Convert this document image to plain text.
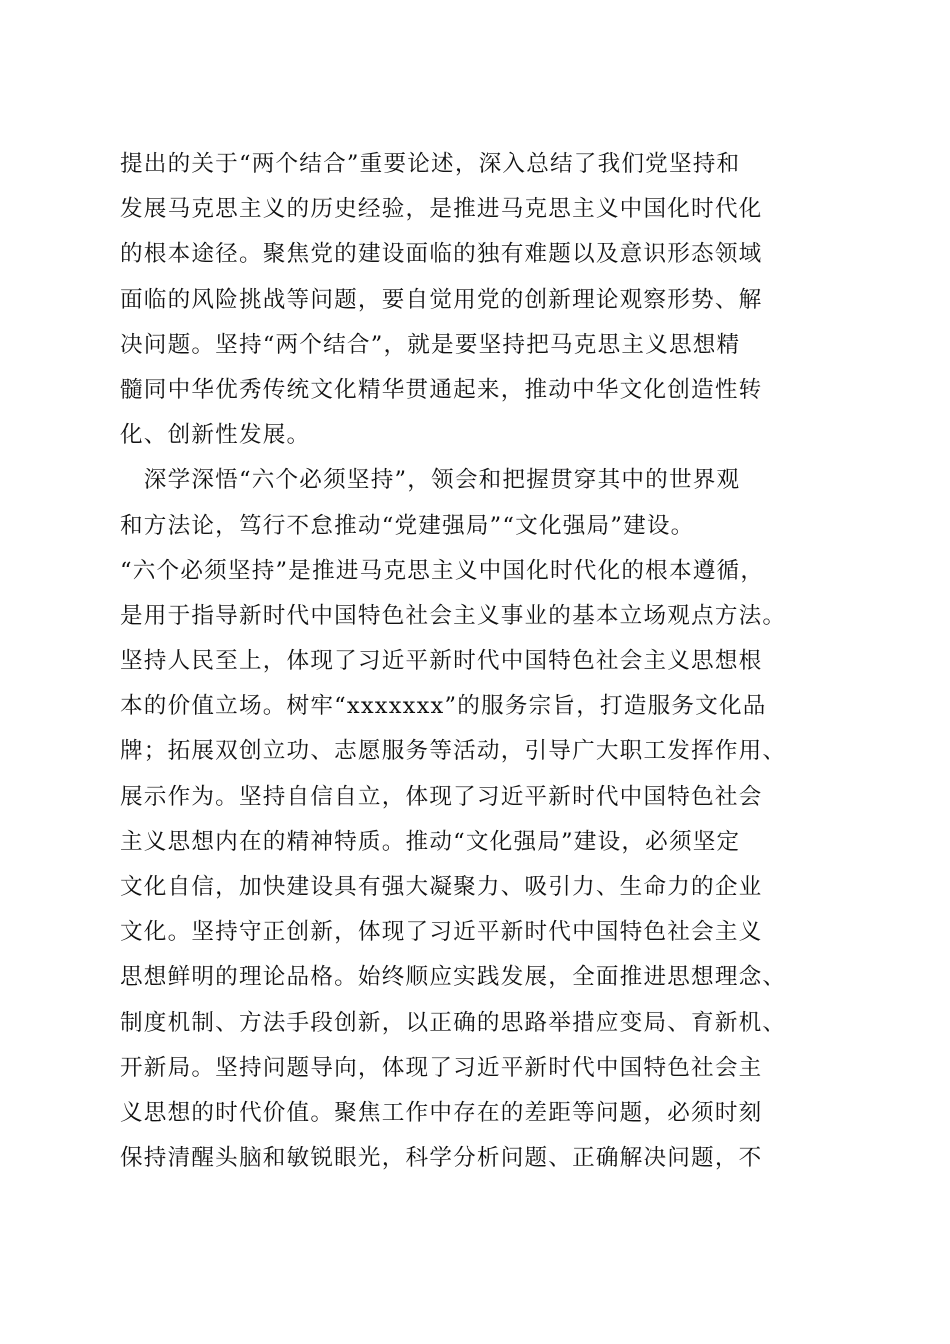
提出的关于“两个结合”重要论述，深入总结了我们党坚持和
发展马克思主义的历史经验，是推进马克思主义中国化时代化
的根本途径。聚焦党的建设面临的独有难题以及意识形态领域
面临的风险挑战等问题，要自觉用党的创新理论观察形势、解
决问题。坚持“两个结合”，就是要坚持把马克思主义思想精
髓同中华优秀传统文化精华贯通起来，推动中华文化创造性转
化、创新性发展。
　深学深悟“六个必须坚持”，领会和把握贯穿其中的世界观
和方法论，笃行不怠推动“党建强局”“文化强局”建设。
“六个必须坚持”是推进马克思主义中国化时代化的根本遵循，
是用于指导新时代中国特色社会主义事业的基本立场观点方法。
坚持人民至上，体现了习近平新时代中国特色社会主义思想根
本的价值立场。树牢“xxxxxxx”的服务宗旨，打造服务文化品
牌；拓展双创立功、志愿服务等活动，引导广大职工发挥作用、
展示作为。坚持自信自立，体现了习近平新时代中国特色社会
主义思想内在的精神特质。推动“文化强局”建设，必须坚定
文化自信，加快建设具有强大凝聚力、吸引力、生命力的企业
文化。坚持守正创新，体现了习近平新时代中国特色社会主义
思想鲜明的理论品格。始终顺应实践发展，全面推进思想理念、
制度机制、方法手段创新，以正确的思路举措应变局、育新机、
开新局。坚持问题导向，体现了习近平新时代中国特色社会主
义思想的时代价值。聚焦工作中存在的差距等问题，必须时刻
保持清醒头脑和敏锐眼光，科学分析问题、正确解决问题，不
